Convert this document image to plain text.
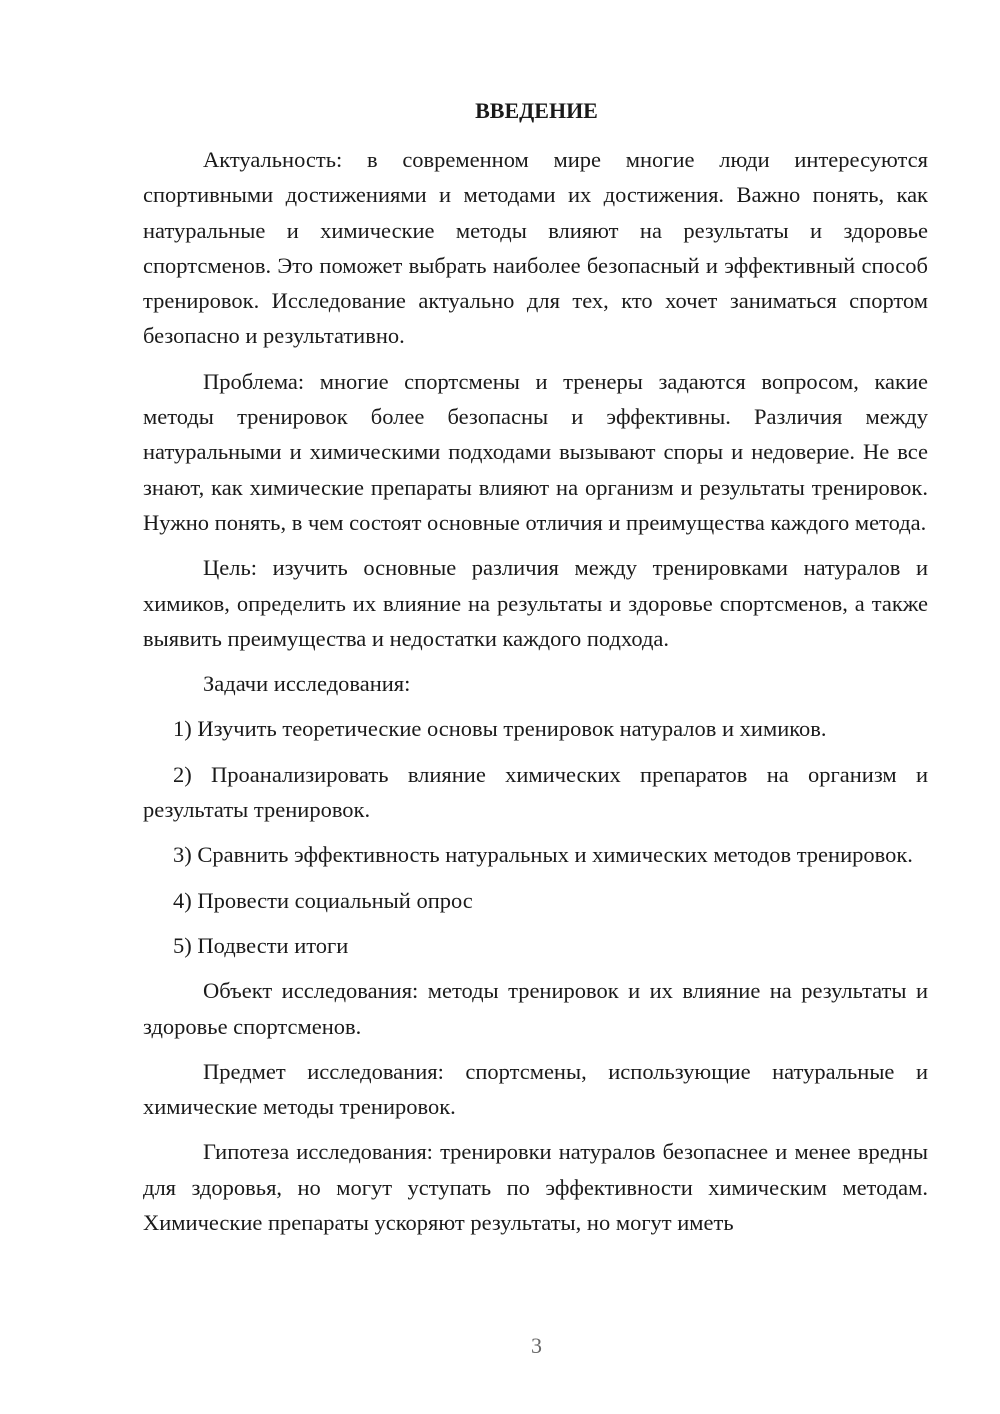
ВВЕДЕНИЕ

Актуальность: в современном мире многие люди интересуются спортивными достижениями и методами их достижения. Важно понять, как натуральные и химические методы влияют на результаты и здоровье спортсменов. Это поможет выбрать наиболее безопасный и эффективный способ тренировок. Исследование актуально для тех, кто хочет заниматься спортом безопасно и результативно.

Проблема: многие спортсмены и тренеры задаются вопросом, какие методы тренировок более безопасны и эффективны. Различия между натуральными и химическими подходами вызывают споры и недоверие. Не все знают, как химические препараты влияют на организм и результаты тренировок. Нужно понять, в чем состоят основные отличия и преимущества каждого метода.

Цель: изучить основные различия между тренировками натуралов и химиков, определить их влияние на результаты и здоровье спортсменов, а также выявить преимущества и недостатки каждого подхода.

Задачи исследования:

1) Изучить теоретические основы тренировок натуралов и химиков.

2) Проанализировать влияние химических препаратов на организм и результаты тренировок.

3) Сравнить эффективность натуральных и химических методов тренировок.

4) Провести социальный опрос

5) Подвести итоги

Объект исследования: методы тренировок и их влияние на результаты и здоровье спортсменов.

Предмет исследования: спортсмены, использующие натуральные и химические методы тренировок.

Гипотеза исследования: тренировки натуралов безопаснее и менее вредны для здоровья, но могут уступать по эффективности химическим методам. Химические препараты ускоряют результаты, но могут иметь

3
